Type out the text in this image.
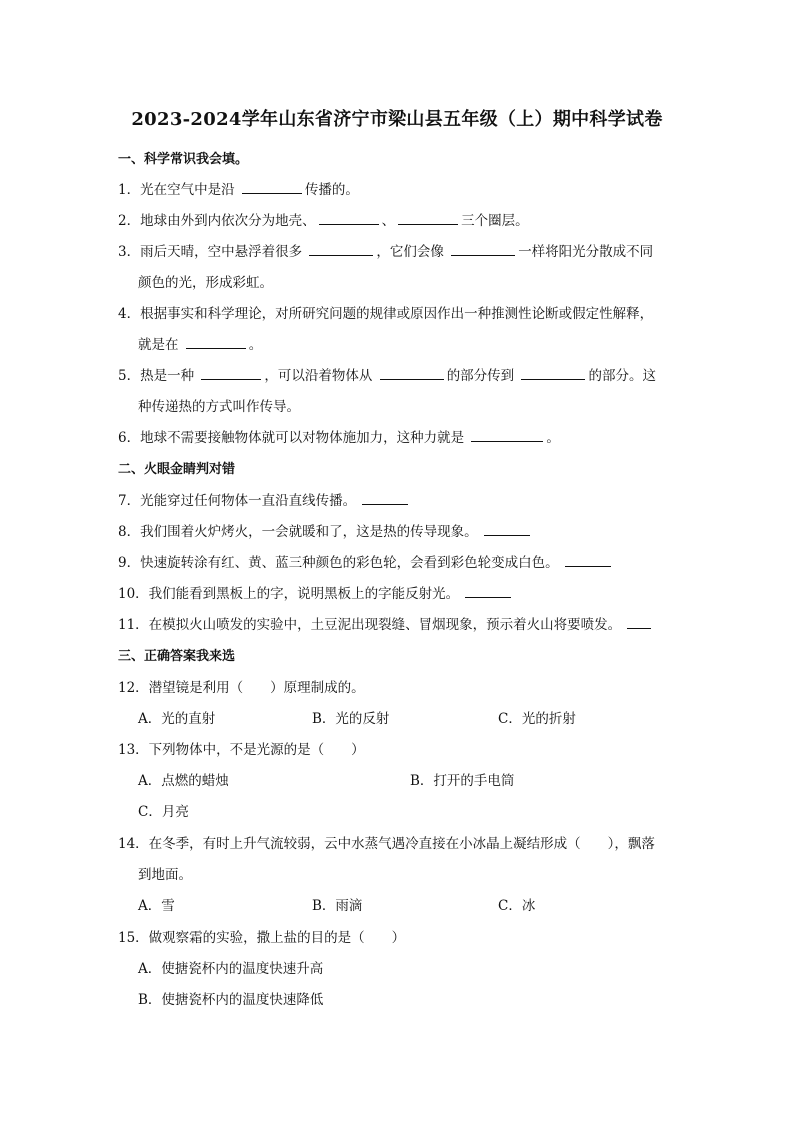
2023-2024学年山东省济宁市梁山县五年级（上）期中科学试卷
一、科学常识我会填。
1．光在空气中是沿	传播的。
2．地球由外到内依次分为地壳、	、	三个圈层。
3．雨后天晴，空中悬浮着很多	，它们会像	一样将阳光分散成不同
颜色的光，形成彩虹。
4．根据事实和科学理论，对所研究问题的规律或原因作出一种推测性论断或假定性解释，
就是在	。
5．热是一种	，可以沿着物体从	的部分传到	的部分。这
种传递热的方式叫作传导。
6．地球不需要接触物体就可以对物体施加力，这种力就是	。
二、火眼金睛判对错
7．光能穿过任何物体一直沿直线传播。
8．我们围着火炉烤火，一会就暖和了，这是热的传导现象。
9．快速旋转涂有红、黄、蓝三种颜色的彩色轮，会看到彩色轮变成白色。
10．我们能看到黑板上的字，说明黑板上的字能反射光。
11．在模拟火山喷发的实验中，土豆泥出现裂缝、冒烟现象，预示着火山将要喷发。
三、正确答案我来选
12．潜望镜是利用（　　）原理制成的。
A．光的直射	B．光的反射	C．光的折射
13．下列物体中，不是光源的是（　　）
A．点燃的蜡烛	B．打开的手电筒
C．月亮
14．在冬季，有时上升气流较弱，云中水蒸气遇冷直接在小冰晶上凝结形成（　　），飘落
到地面。
A．雪	B．雨滴	C．冰
15．做观察霜的实验，撒上盐的目的是（　　）
A．使搪瓷杯内的温度快速升高
B．使搪瓷杯内的温度快速降低
